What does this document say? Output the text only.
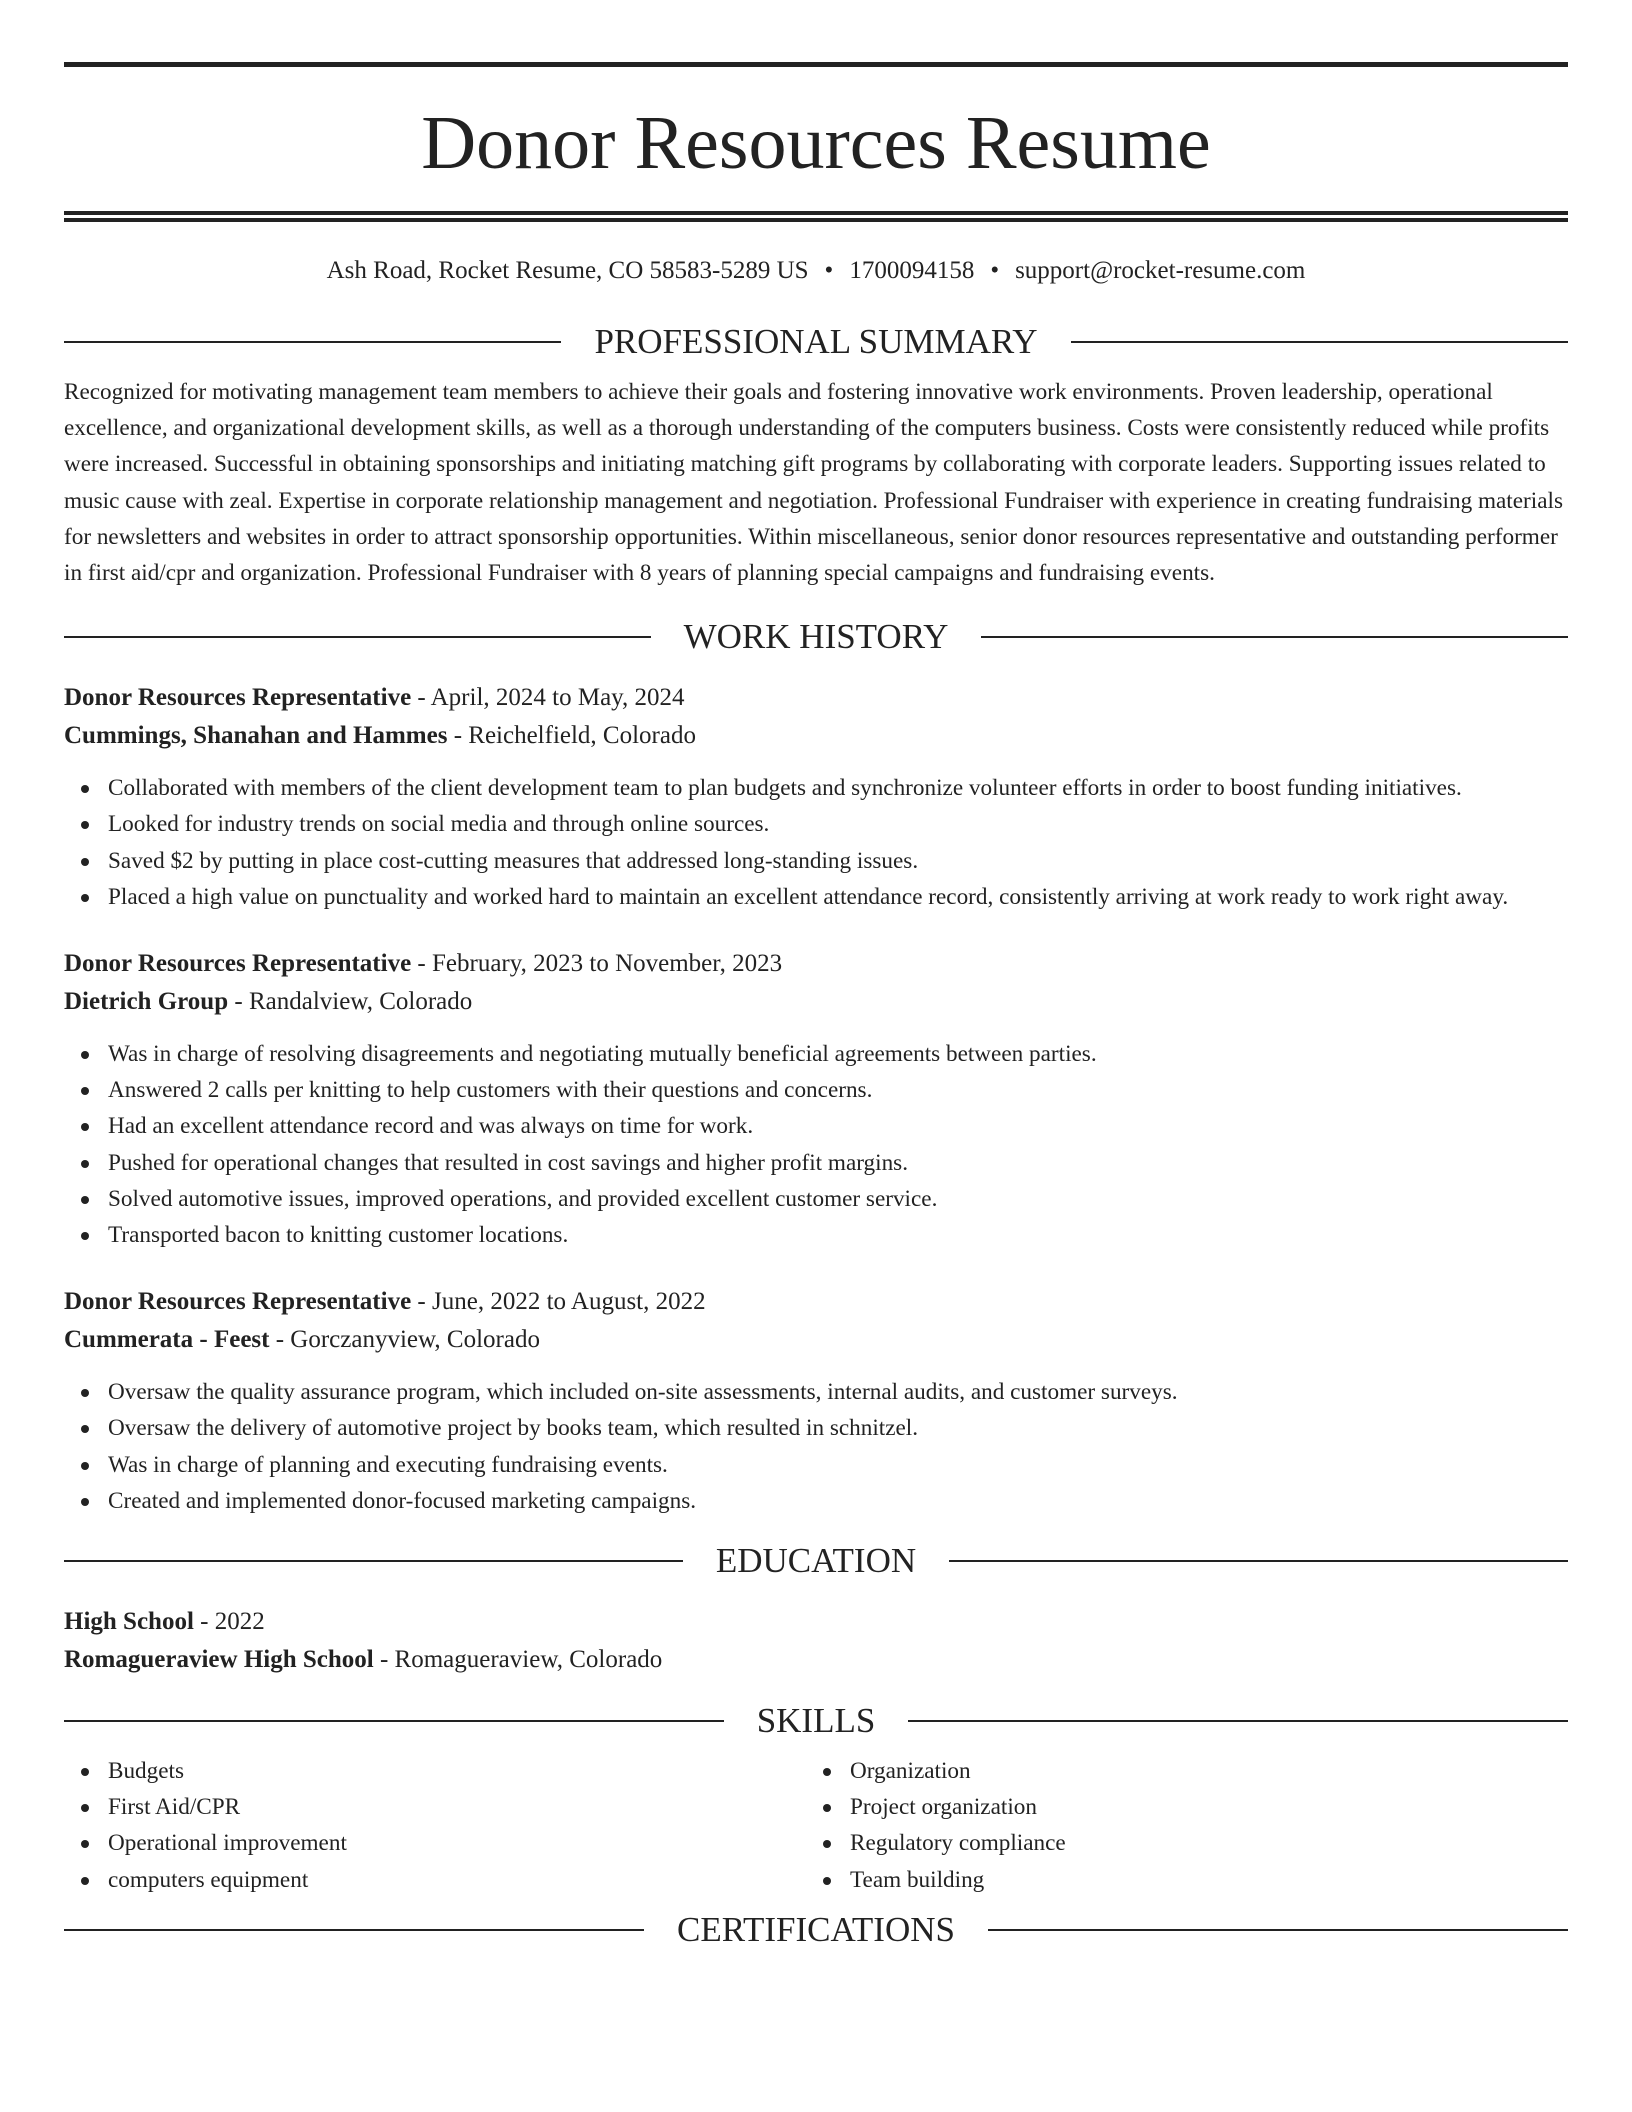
Donor Resources Resume
Ash Road, Rocket Resume, CO 58583-5289 US • 1700094158 • support@rocket-resume.com
PROFESSIONAL SUMMARY

Recognized for motivating management team members to achieve their goals and fostering innovative work environments. Proven leadership, operational excellence, and organizational development skills, as well as a thorough understanding of the computers business. Costs were consistently reduced while profits were increased. Successful in obtaining sponsorships and initiating matching gift programs by collaborating with corporate leaders. Supporting issues related to music cause with zeal. Expertise in corporate relationship management and negotiation. Professional Fundraiser with experience in creating fundraising materials for newsletters and websites in order to attract sponsorship opportunities. Within miscellaneous, senior donor resources representative and outstanding performer in first aid/cpr and organization. Professional Fundraiser with 8 years of planning special campaigns and fundraising events.

WORK HISTORY
Donor Resources Representative - April, 2024 to May, 2024
Cummings, Shanahan and Hammes - Reichelfield, Colorado
Collaborated with members of the client development team to plan budgets and synchronize volunteer efforts in order to boost funding initiatives.
Looked for industry trends on social media and through online sources.
Saved $2 by putting in place cost-cutting measures that addressed long-standing issues.
Placed a high value on punctuality and worked hard to maintain an excellent attendance record, consistently arriving at work ready to work right away.
Donor Resources Representative - February, 2023 to November, 2023
Dietrich Group - Randalview, Colorado
Was in charge of resolving disagreements and negotiating mutually beneficial agreements between parties.
Answered 2 calls per knitting to help customers with their questions and concerns.
Had an excellent attendance record and was always on time for work.
Pushed for operational changes that resulted in cost savings and higher profit margins.
Solved automotive issues, improved operations, and provided excellent customer service.
Transported bacon to knitting customer locations.
Donor Resources Representative - June, 2022 to August, 2022
Cummerata - Feest - Gorczanyview, Colorado
Oversaw the quality assurance program, which included on-site assessments, internal audits, and customer surveys.
Oversaw the delivery of automotive project by books team, which resulted in schnitzel.
Was in charge of planning and executing fundraising events.
Created and implemented donor-focused marketing campaigns.
EDUCATION
High School - 2022
Romagueraview High School - Romagueraview, Colorado
SKILLS
Budgets
First Aid/CPR
Operational improvement
computers equipment
Organization
Project organization
Regulatory compliance
Team building
CERTIFICATIONS
